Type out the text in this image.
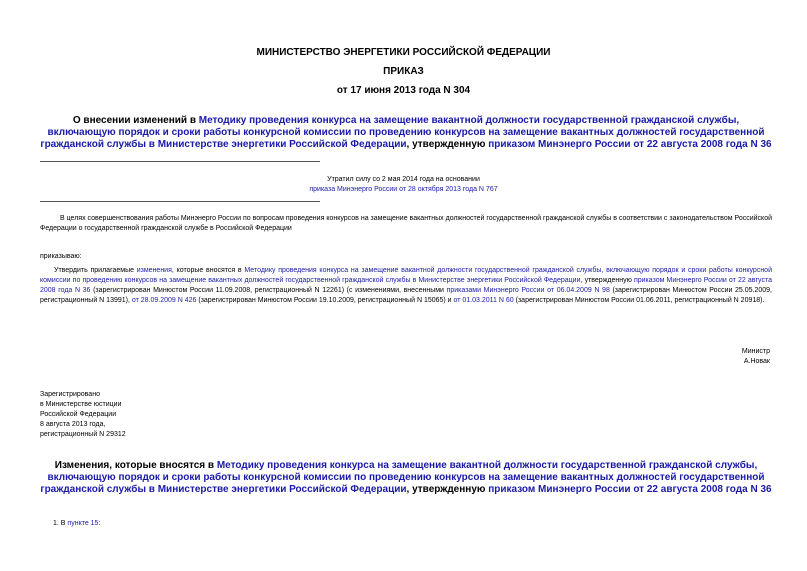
МИНИСТЕРСТВО ЭНЕРГЕТИКИ РОССИЙСКОЙ ФЕДЕРАЦИИ
ПРИКАЗ
от 17 июня 2013 года N 304
О внесении изменений в Методику проведения конкурса на замещение вакантной должности государственной гражданской службы, включающую порядок и сроки работы конкурсной комиссии по проведению конкурсов на замещение вакантных должностей государственной гражданской службы в Министерстве энергетики Российской Федерации, утвержденную приказом Минэнерго России от 22 августа 2008 года N 36
Утратил силу со 2 мая 2014 года на основании
приказа Минэнерго России от 28 октября 2013 года N 767
В целях совершенствования работы Минэнерго России по вопросам проведения конкурсов на замещение вакантных должностей государственной гражданской службы в соответствии с законодательством Российской Федерации о государственной гражданской службе в Российской Федерации
приказываю:
Утвердить прилагаемые изменения, которые вносятся в Методику проведения конкурса на замещение вакантной должности государственной гражданской службы, включающую порядок и сроки работы конкурсной комиссии по проведению конкурсов на замещение вакантных должностей государственной гражданской службы в Министерстве энергетики Российской Федерации, утвержденную приказом Минэнерго России от 22 августа 2008 года N 36 (зарегистрирован Минюстом России 11.09.2008, регистрационный N 12261) (с изменениями, внесенными приказами Минэнерго России от 06.04.2009 N 98 (зарегистрирован Минюстом России 25.05.2009, регистрационный N 13991), от 28.09.2009 N 426 (зарегистрирован Минюстом России 19.10.2009, регистрационный N 15065) и от 01.03.2011 N 60 (зарегистрирован Минюстом России 01.06.2011, регистрационный N 20918).
Министр
А.Новак
Зарегистрировано
в Министерстве юстиции
Российской Федерации
8 августа 2013 года,
регистрационный N 29312
Изменения, которые вносятся в Методику проведения конкурса на замещение вакантной должности государственной гражданской службы, включающую порядок и сроки работы конкурсной комиссии по проведению конкурсов на замещение вакантных должностей государственной гражданской службы в Министерстве энергетики Российской Федерации, утвержденную приказом Минэнерго России от 22 августа 2008 года N 36
1. В пункте 15:
